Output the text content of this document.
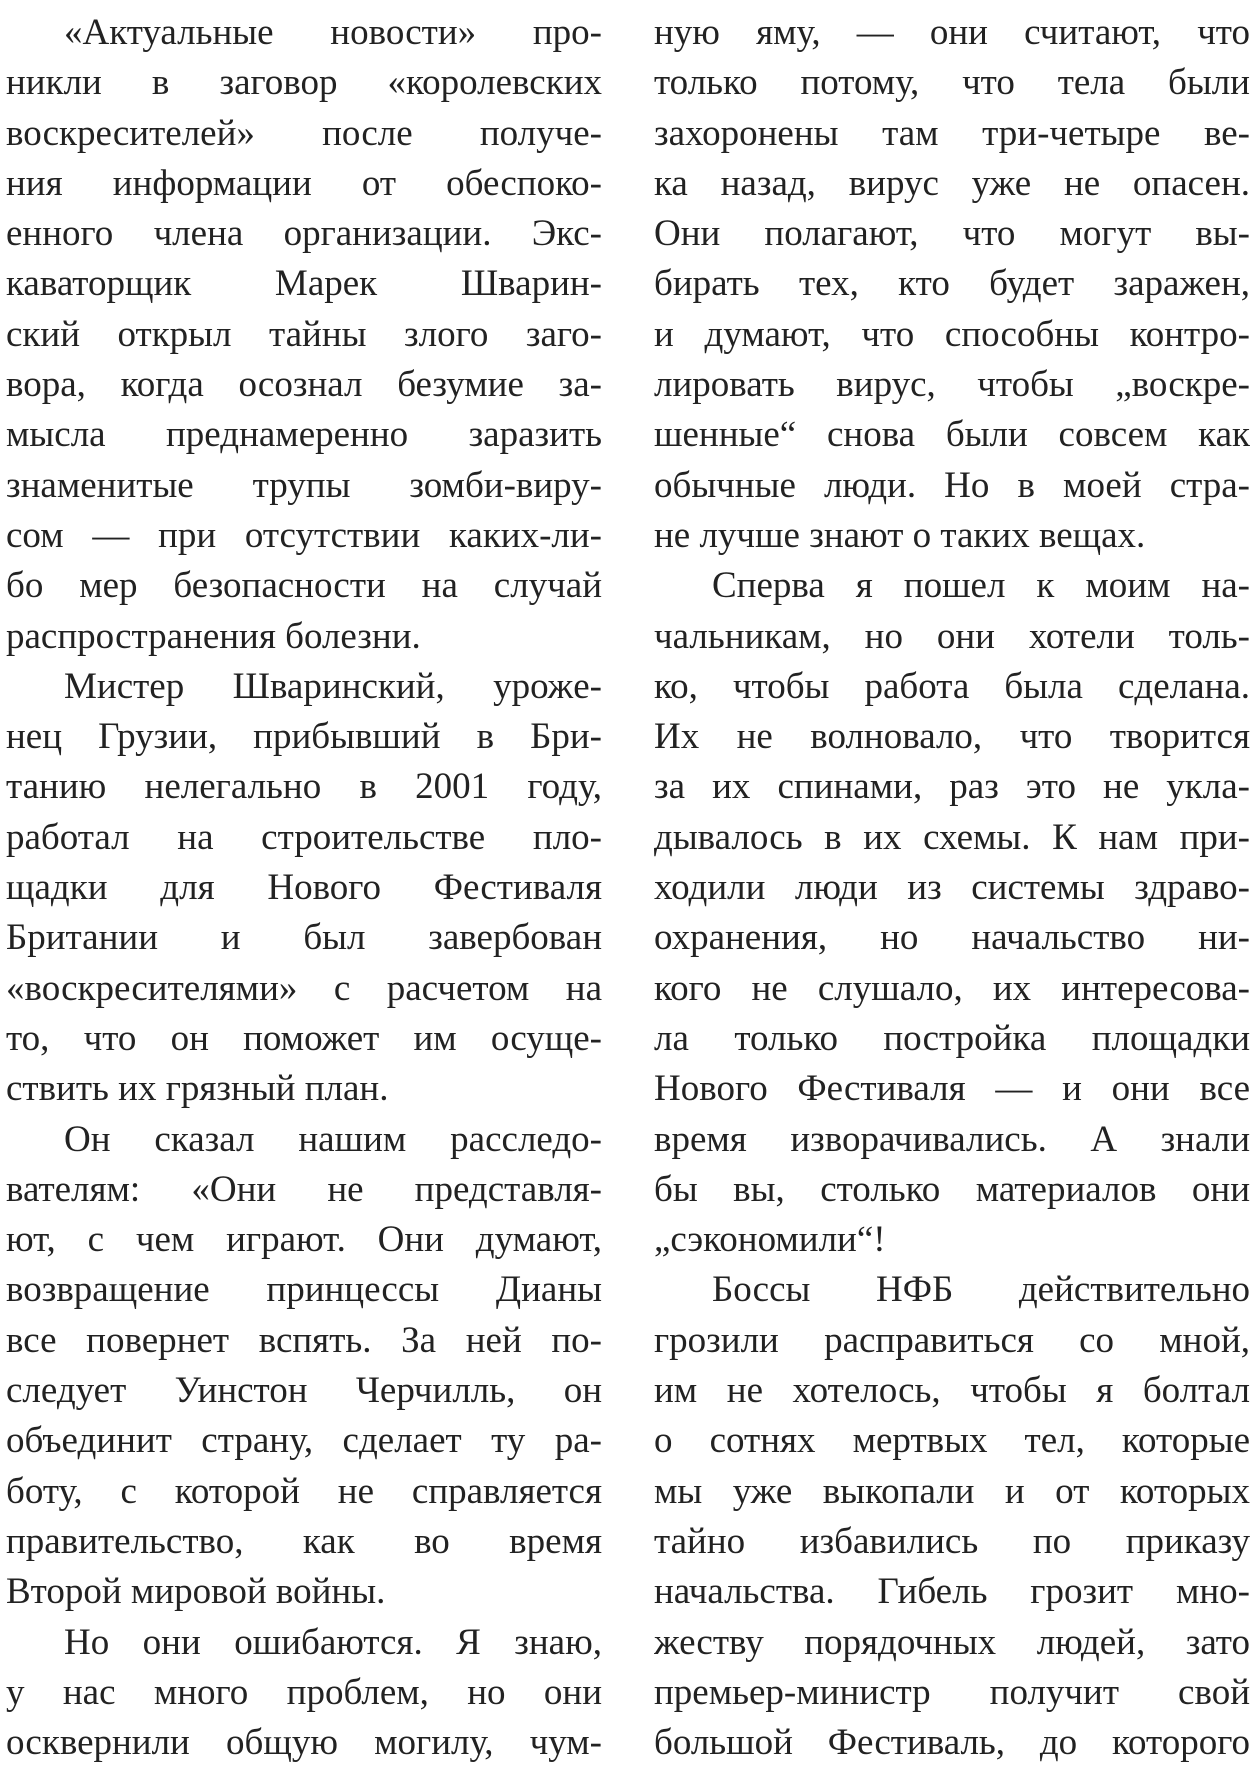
«Актуальные новости» про-
никли в заговор «королевских
воскресителей» после получе-
ния информации от обеспоко-
енного члена организации. Экс-
каваторщик Марек Шварин-
ский открыл тайны злого заго-
вора, когда осознал безумие за-
мысла преднамеренно заразить
знаменитые трупы зомби-виру-
сом — при отсутствии каких-ли-
бо мер безопасности на случай
распространения болезни.
Мистер Шваринский, урожe-
нец Грузии, прибывший в Бри-
танию нелегально в 2001 году,
работал на строительстве пло-
щадки для Нового Фестиваля
Британии и был завербован
«воскресителями» с расчетом на
то, что он поможет им осуще-
ствить их грязный план.
Он сказал нашим расследо-
вателям: «Они не представля-
ют, с чем играют. Они думают,
возвращение принцессы Дианы
все повернет вспять. За ней по-
следует Уинстон Черчилль, он
объединит страну, сделает ту ра-
боту, с которой не справляется
правительство, как во время
Второй мировой войны.
Но они ошибаются. Я знаю,
у нас много проблем, но они
осквернили общую могилу, чум-
ную яму, — они считают, что
только потому, что тела были
захоронены там три-четыре ве-
ка назад, вирус уже не опасен.
Они полагают, что могут вы-
бирать тех, кто будет заражен,
и думают, что способны контро-
лировать вирус, чтобы „воскре-
шенные“ снова были совсем как
обычные люди. Но в моей стра-
не лучше знают о таких вещах.
Сперва я пошел к моим на-
чальникам, но они хотели толь-
ко, чтобы работа была сделана.
Их не волновало, что творится
за их спинами, раз это не укла-
дывалось в их схемы. К нам при-
ходили люди из системы здраво-
охранения, но начальство ни-
кого не слушало, их интересова-
ла только постройка площадки
Нового Фестиваля — и они все
время изворачивались. А знали
бы вы, столько материалов они
„сэкономили“!
Боссы НФБ действительно
грозили расправиться со мной,
им не хотелось, чтобы я болтал
о сотнях мертвых тел, которые
мы уже выкопали и от которых
тайно избавились по приказу
начальства. Гибель грозит мно-
жеству порядочных людей, зато
премьер-министр получит свой
большой Фестиваль, до которого
